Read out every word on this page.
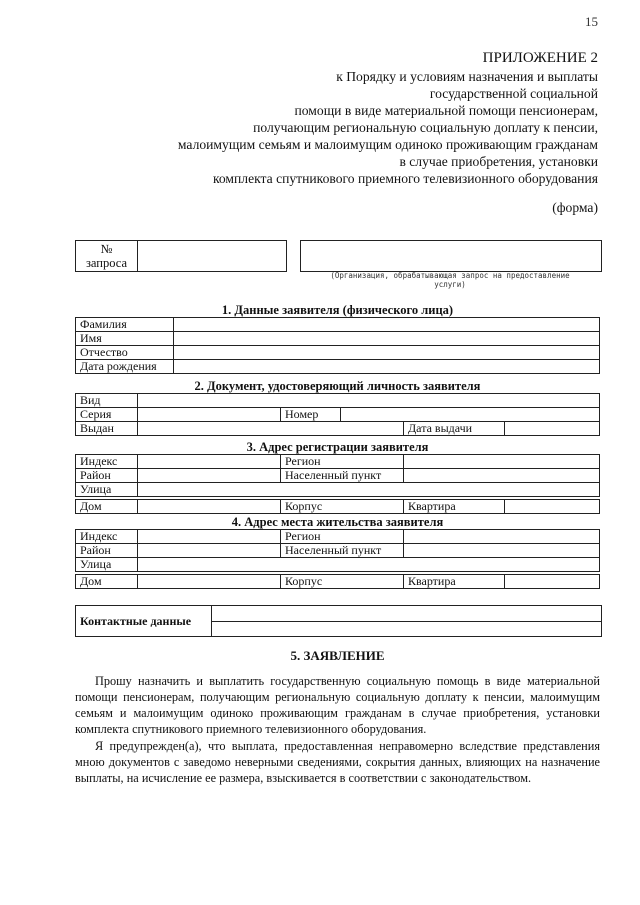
15
ПРИЛОЖЕНИЕ 2
к Порядку и условиям назначения и выплаты
государственной социальной
помощи в виде материальной помощи пенсионерам,
получающим региональную социальную доплату к пенсии,
малоимущим семьям и малоимущим одиноко проживающим гражданам
в случае приобретения, установки
комплекта спутникового приемного телевизионного оборудования
(форма)
№
запроса
(Организация, обрабатывающая запрос на предоставление
услуги)
1. Данные заявителя (физического лица)
Фамилия	
Имя	
Отчество	
Дата рождения	
2. Документ, удостоверяющий личность заявителя
Вид					
Серия		Номер			
Выдан				Дата выдачи	
3. Адрес регистрации заявителя
Индекс		Регион	
Район		Населенный пункт	
Улица			
Дом		Корпус	Квартира	
4. Адрес места жительства заявителя
Индекс		Регион	
Район		Населенный пункт	
Улица			
Дом		Корпус	Квартира	
Контактные данные
5. ЗАЯВЛЕНИЕ
Прошу назначить и выплатить государственную социальную помощь в виде материальной помощи пенсионерам, получающим региональную социальную доплату к пенсии, малоимущим семьям и малоимущим одиноко проживающим гражданам в случае приобретения, установки комплекта спутникового приемного телевизионного оборудования.
Я предупрежден(а), что выплата, предоставленная неправомерно вследствие представления мною документов с заведомо неверными сведениями, сокрытия данных, влияющих на назначение выплаты, на исчисление ее размера, взыскивается в соответствии с законодательством.
